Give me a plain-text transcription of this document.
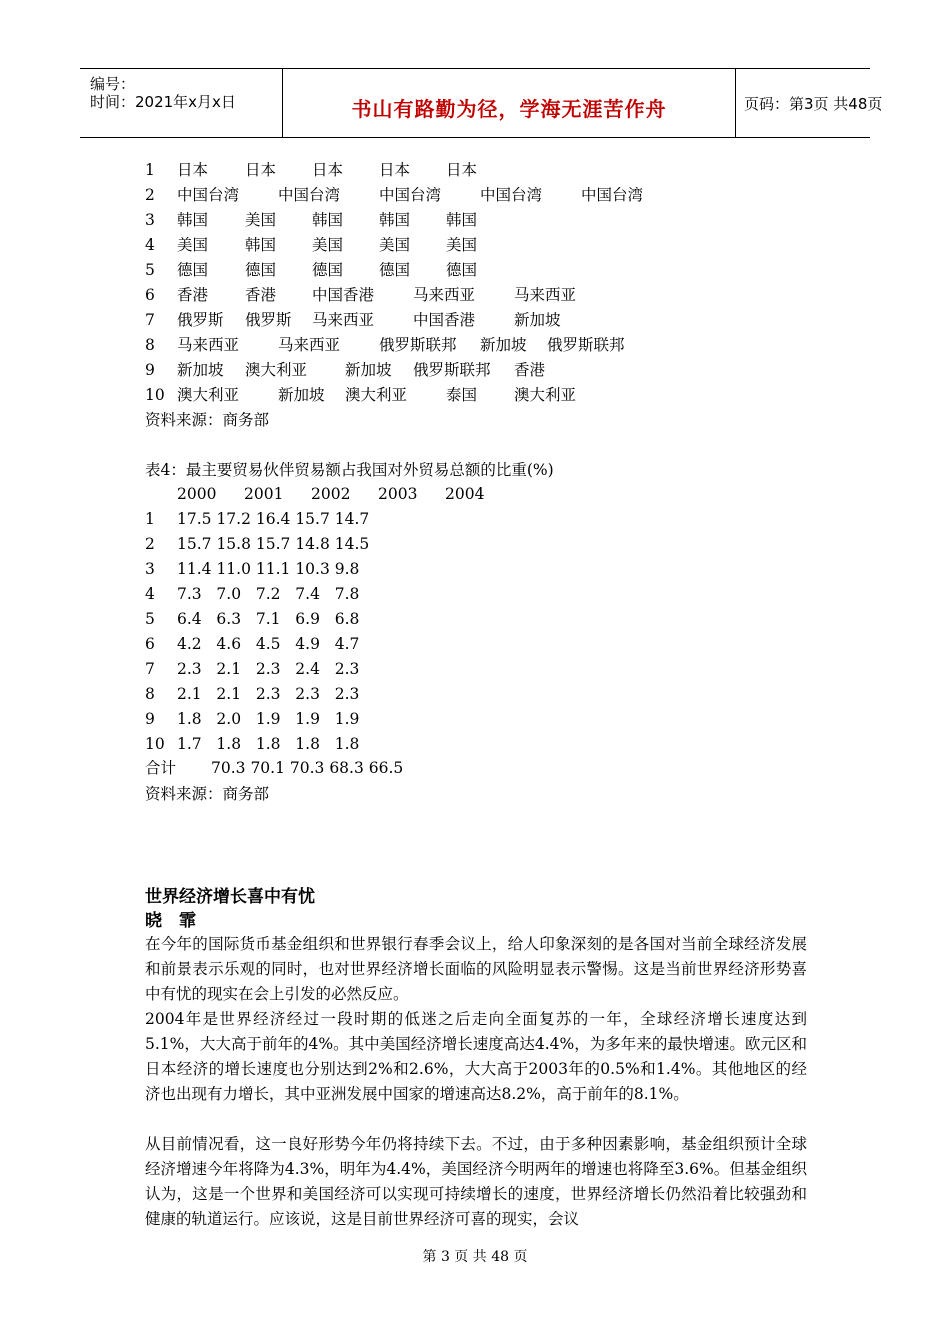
编号：
时间：2021年x月x日	书山有路勤为径，学海无涯苦作舟	页码：第3页 共48页
1 日本 日本 日本 日本 日本
2 中国台湾	中国台湾	中国台湾	中国台湾	中国台湾
3 韩国 美国 韩国 韩国 韩国
4 美国 韩国 美国 美国 美国
5 德国 德国 德国 德国 德国
6 香港 香港 中国香港	马来西亚	马来西亚
7 俄罗斯 俄罗斯 马来西亚	中国香港	新加坡
8 马来西亚	马来西亚	俄罗斯联邦 新加坡 俄罗斯联邦
9 新加坡 澳大利亚 新加坡 俄罗斯联邦 香港
10 澳大利亚	新加坡 澳大利亚	泰国 澳大利亚
资料来源：商务部
表4：最主要贸易伙伴贸易额占我国对外贸易总额的比重(%)
2000 2001 2002 2003 2004
1 17.5 17.2 16.4 15.7 14.7
2 15.7 15.8 15.7 14.8 14.5
3 11.4 11.0 11.1 10.3 9.8
4 7.3   7.0   7.2   7.4   7.8
5 6.4   6.3   7.1   6.9   6.8
6 4.2   4.6   4.5   4.9   4.7
7 2.3   2.1   2.3   2.4   2.3
8 2.1   2.1   2.3   2.3   2.3
9 1.8   2.0   1.9   1.9   1.9
10 1.7   1.8   1.8   1.8   1.8
合计 70.3 70.1 70.3 68.3 66.5
资料来源：商务部
世界经济增长喜中有忧
晓　霏
在今年的国际货币基金组织和世界银行春季会议上，给人印象深刻的是各国对当前全球经济发展和前景表示乐观的同时，也对世界经济增长面临的风险明显表示警惕。这是当前世界经济形势喜中有忧的现实在会上引发的必然反应。
2004年是世界经济经过一段时期的低迷之后走向全面复苏的一年，全球经济增长速度达到5.1%，大大高于前年的4%。其中美国经济增长速度高达4.4%，为多年来的最快增速。欧元区和日本经济的增长速度也分别达到2%和2.6%，大大高于2003年的0.5%和1.4%。其他地区的经济也出现有力增长，其中亚洲发展中国家的增速高达8.2%，高于前年的8.1%。
从目前情况看，这一良好形势今年仍将持续下去。不过，由于多种因素影响，基金组织预计全球经济增速今年将降为4.3%，明年为4.4%，美国经济今明两年的增速也将降至3.6%。但基金组织认为，这是一个世界和美国经济可以实现可持续增长的速度，世界经济增长仍然沿着比较强劲和健康的轨道运行。应该说，这是目前世界经济可喜的现实，会议
第 3 页 共 48 页
